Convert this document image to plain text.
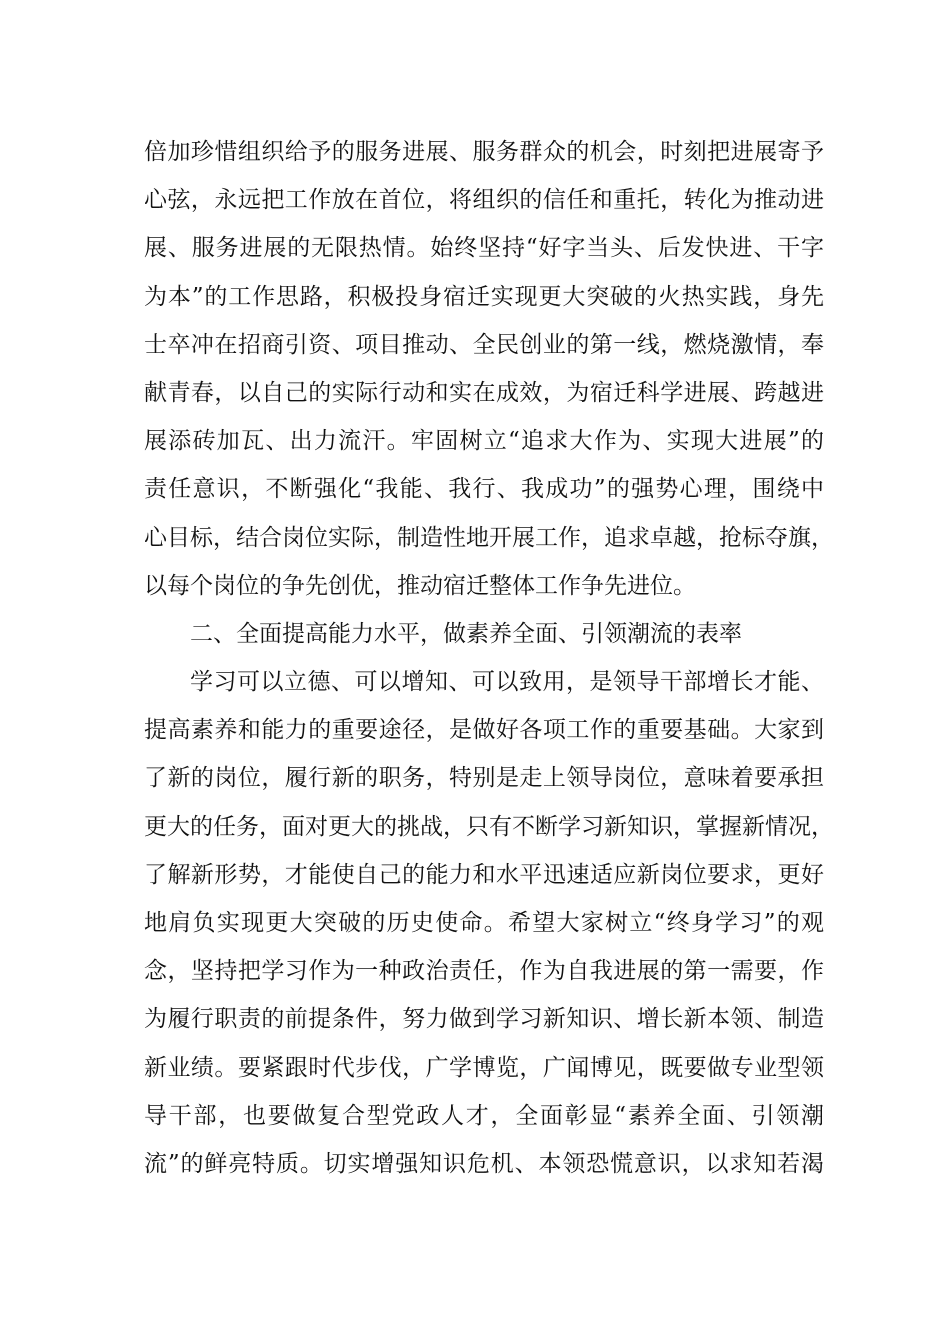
倍加珍惜组织给予的服务进展、服务群众的机会，时刻把进展寄予
心弦，永远把工作放在首位，将组织的信任和重托，转化为推动进
展、服务进展的无限热情。始终坚持“好字当头、后发快进、干字
为本”的工作思路，积极投身宿迁实现更大突破的火热实践，身先
士卒冲在招商引资、项目推动、全民创业的第一线，燃烧激情，奉
献青春，以自己的实际行动和实在成效，为宿迁科学进展、跨越进
展添砖加瓦、出力流汗。牢固树立“追求大作为、实现大进展”的
责任意识，不断强化“我能、我行、我成功”的强势心理，围绕中
心目标，结合岗位实际，制造性地开展工作，追求卓越，抢标夺旗，
以每个岗位的争先创优，推动宿迁整体工作争先进位。
二、全面提高能力水平，做素养全面、引领潮流的表率
学习可以立德、可以增知、可以致用，是领导干部增长才能、
提高素养和能力的重要途径，是做好各项工作的重要基础。大家到
了新的岗位，履行新的职务，特别是走上领导岗位，意味着要承担
更大的任务，面对更大的挑战，只有不断学习新知识，掌握新情况，
了解新形势，才能使自己的能力和水平迅速适应新岗位要求，更好
地肩负实现更大突破的历史使命。希望大家树立“终身学习”的观
念，坚持把学习作为一种政治责任，作为自我进展的第一需要，作
为履行职责的前提条件，努力做到学习新知识、增长新本领、制造
新业绩。要紧跟时代步伐，广学博览，广闻博见，既要做专业型领
导干部，也要做复合型党政人才，全面彰显“素养全面、引领潮
流”的鲜亮特质。切实增强知识危机、本领恐慌意识，以求知若渴
